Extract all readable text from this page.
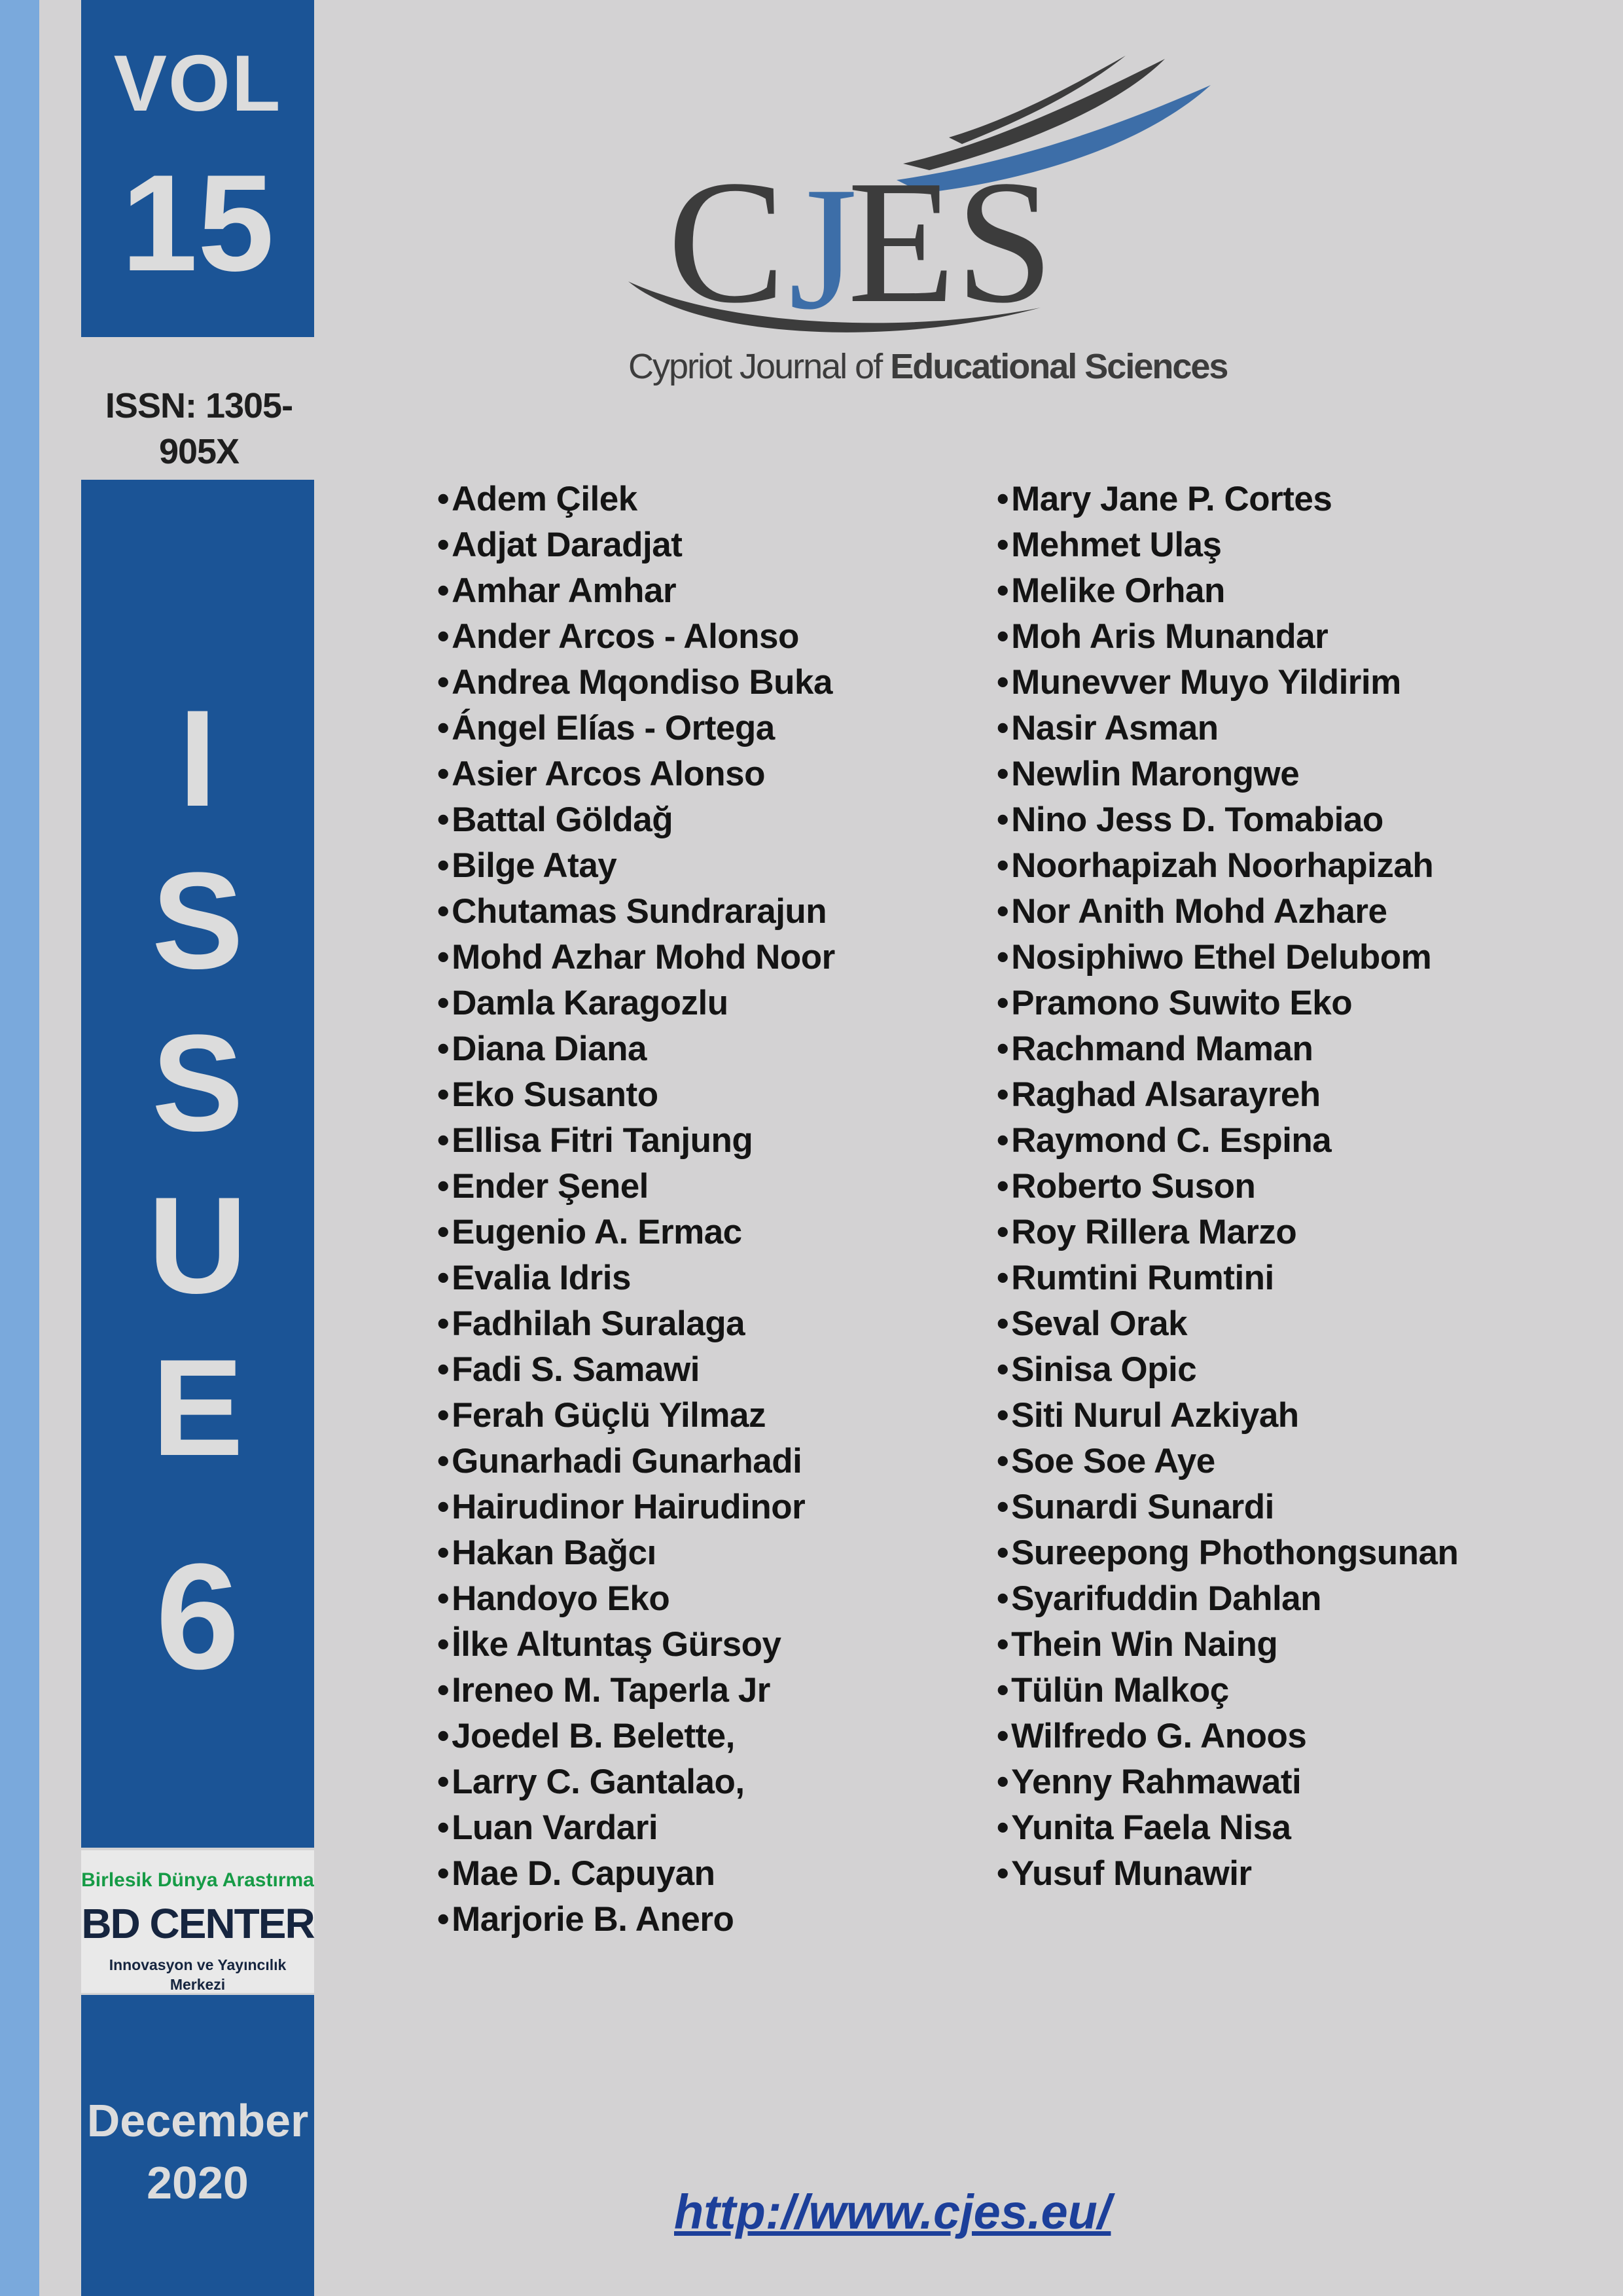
VOL
15
ISSN: 1305-905X
I
S
S
U
E
6
Birlesik Dünya Arastırma
BD CENTER
Innovasyon ve Yayıncılık Merkezi
December
2020
C J
ES
Cypriot Journal of Educational Sciences
• Adem Çilek
• Adjat Daradjat
• Amhar Amhar
• Ander Arcos - Alonso
• Andrea Mqondiso Buka
• Ángel Elías - Ortega
• Asier Arcos Alonso
• Battal Göldağ
• Bilge Atay
• Chutamas Sundrarajun
• Mohd Azhar Mohd Noor
• Damla Karagozlu
• Diana Diana
• Eko Susanto
• Ellisa Fitri Tanjung
• Ender Şenel
• Eugenio A. Ermac
• Evalia Idris
• Fadhilah Suralaga
• Fadi S. Samawi
• Ferah Güçlü Yilmaz
• Gunarhadi Gunarhadi
• Hairudinor Hairudinor
• Hakan Bağcı
• Handoyo Eko
• İlke Altuntaş Gürsoy
• Ireneo M. Taperla Jr
• Joedel B. Belette,
• Larry C. Gantalao,
• Luan Vardari
• Mae D. Capuyan
• Marjorie B. Anero
• Mary Jane P. Cortes
• Mehmet Ulaş
• Melike Orhan
• Moh Aris Munandar
• Munevver Muyo Yildirim
• Nasir Asman
• Newlin Marongwe
• Nino Jess D. Tomabiao
• Noorhapizah Noorhapizah
• Nor Anith Mohd Azhare
• Nosiphiwo Ethel Delubom
• Pramono Suwito Eko
• Rachmand Maman
• Raghad Alsarayreh
• Raymond C. Espina
• Roberto Suson
• Roy Rillera Marzo
• Rumtini Rumtini
• Seval Orak
• Sinisa Opic
• Siti Nurul Azkiyah
• Soe Soe Aye
• Sunardi Sunardi
• Sureepong Phothongsunan
• Syarifuddin Dahlan
• Thein Win Naing
• Tülün Malkoç
• Wilfredo G. Anoos
• Yenny Rahmawati
• Yunita Faela Nisa
• Yusuf Munawir
http://www.cjes.eu/
